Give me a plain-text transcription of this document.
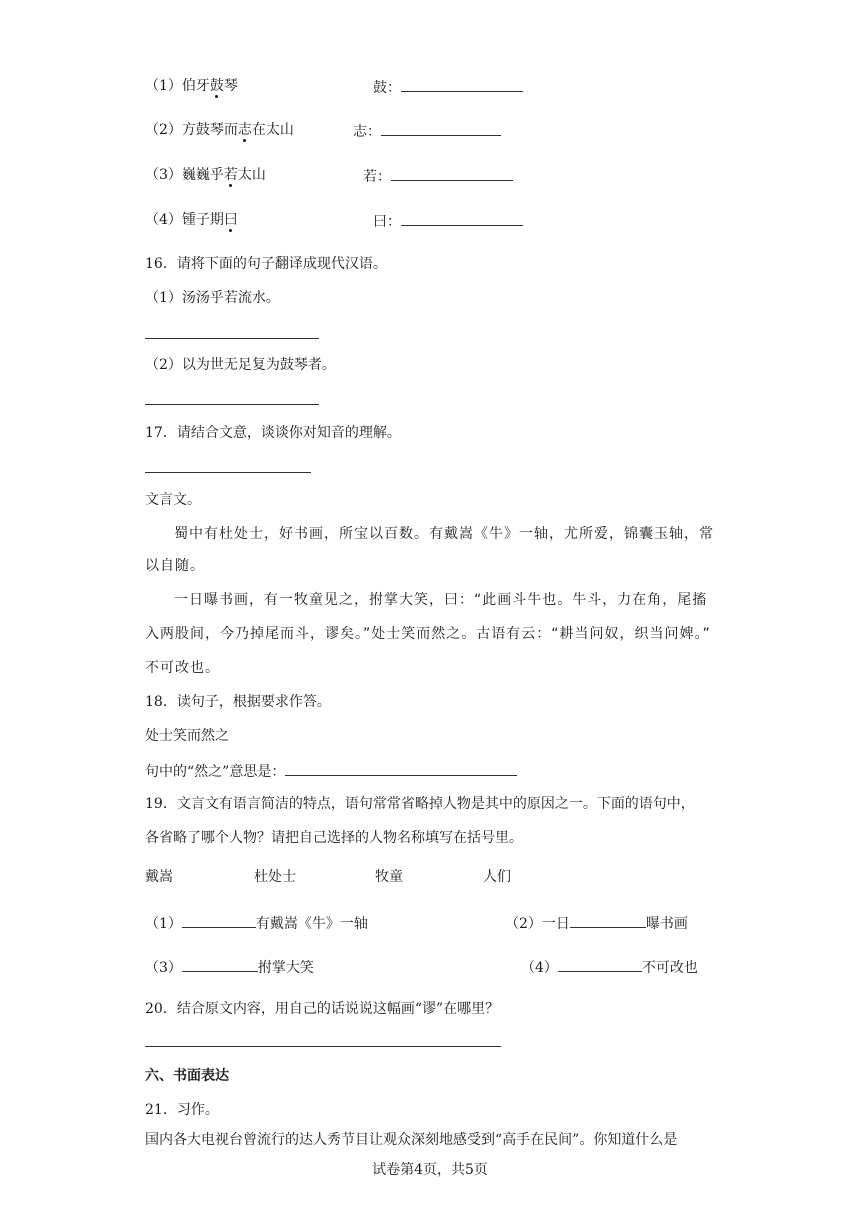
（1）伯牙鼓琴	鼓：
（2）方鼓琴而志在太山	志：
（3）巍巍乎若太山	若：
（4）锺子期曰	曰：
16．请将下面的句子翻译成现代汉语。
（1）汤汤乎若流水。
（2）以为世无足复为鼓琴者。
17．请结合文意，谈谈你对知音的理解。
文言文。
蜀中有杜处士，好书画，所宝以百数。有戴嵩《牛》一轴，尤所爱，锦囊玉轴，常
以自随。
一日曝书画，有一牧童见之，拊掌大笑，曰：“此画斗牛也。牛斗，力在角，尾搐
入两股间，今乃掉尾而斗，谬矣。”处士笑而然之。古语有云：“耕当问奴，织当问婢。”
不可改也。
18．读句子，根据要求作答。
处士笑而然之
句中的“然之”意思是：
19．文言文有语言简洁的特点，语句常常省略掉人物是其中的原因之一。下面的语句中，
各省略了哪个人物？请把自己选择的人物名称填写在括号里。
戴嵩	杜处士	牧童	人们
（1）	有戴嵩《牛》一轴	（2）一日	曝书画
（3）	拊掌大笑	（4）	不可改也
20．结合原文内容，用自己的话说说这幅画“谬”在哪里？
六、书面表达
21．习作。
国内各大电视台曾流行的达人秀节目让观众深刻地感受到“高手在民间”。你知道什么是
试卷第4页，共5页
